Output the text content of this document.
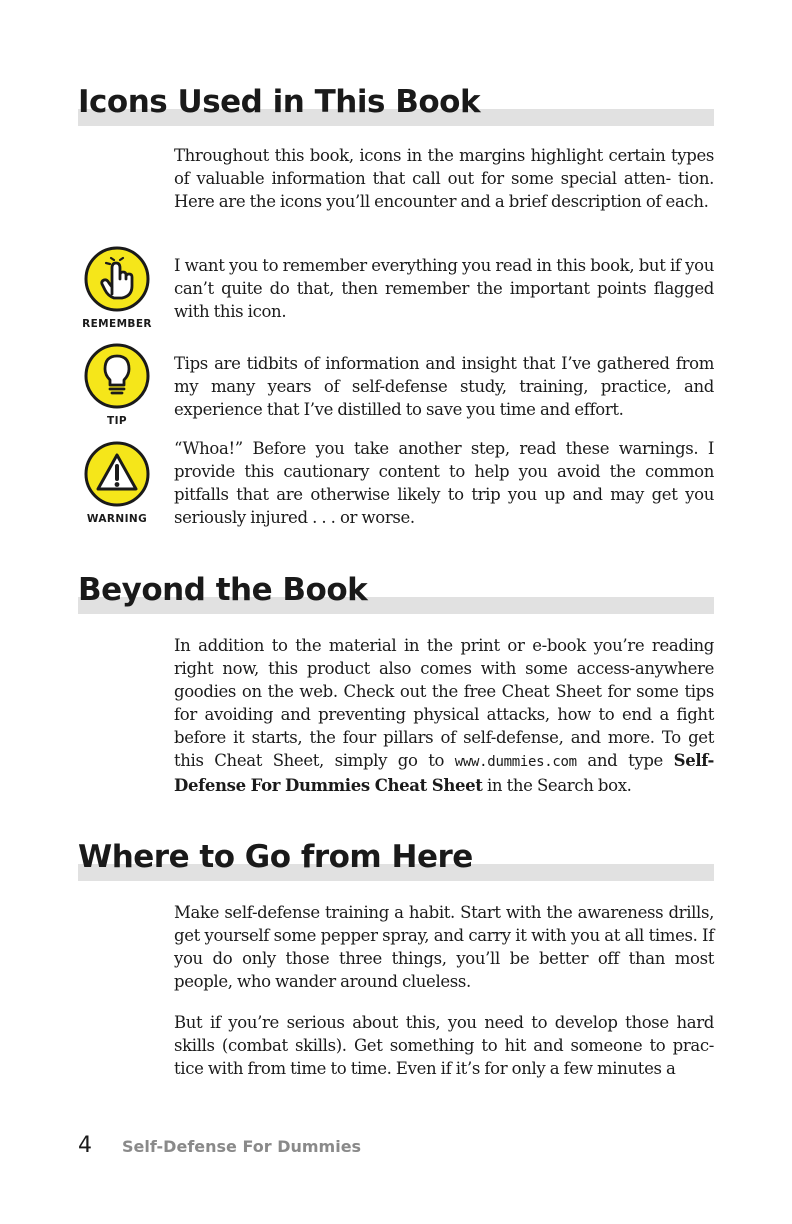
Icons Used in This Book

Throughout this book, icons in the margins highlight certain types of valuable information that call out for some special atten- tion. Here are the icons you’ll encounter and a brief description of each.

REMEMBER

I want you to remember everything you read in this book, but if you can’t quite do that, then remember the important points flagged with this icon.

TIP

Tips are tidbits of information and insight that I’ve gathered from my many years of self-defense study, training, practice, and experience that I’ve distilled to save you time and effort.

WARNING

“Whoa!” Before you take another step, read these warnings. I provide this cautionary content to help you avoid the common pitfalls that are otherwise likely to trip you up and may get you seriously injured . . . or worse.

Beyond the Book

In addition to the material in the print or e-book you’re reading right now, this product also comes with some access-anywhere goodies on the web. Check out the free Cheat Sheet for some tips for avoiding and preventing physical attacks, how to end a fight before it starts, the four pillars of self-defense, and more. To get this Cheat Sheet, simply go to www.dummies.com and type Self-Defense For Dummies Cheat Sheet in the Search box.

Where to Go from Here

Make self-defense training a habit. Start with the awareness drills, get yourself some pepper spray, and carry it with you at all times. If you do only those three things, you’ll be better off than most people, who wander around clueless.

But if you’re serious about this, you need to develop those hard skills (combat skills). Get something to hit and someone to prac- tice with from time to time. Even if it’s for only a few minutes a

4 Self-Defense For Dummies
